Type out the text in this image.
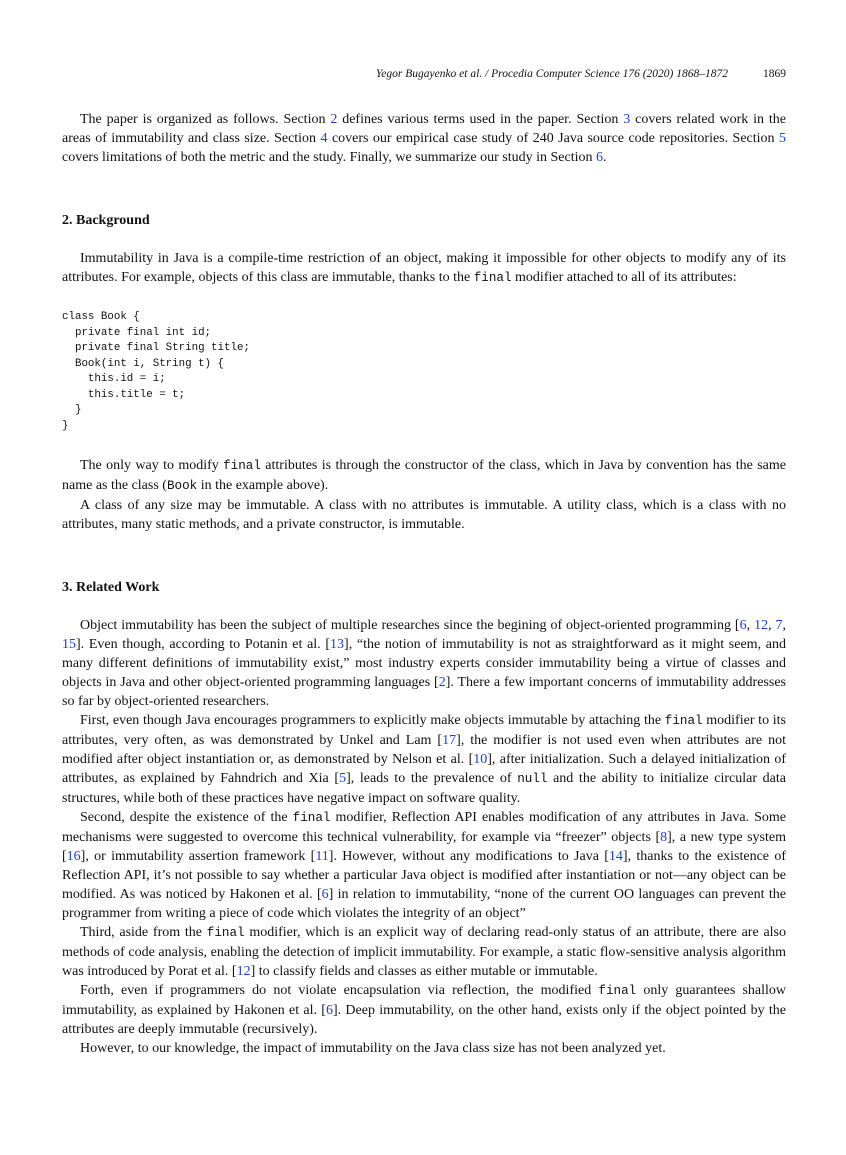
Yegor Bugayenko et al. / Procedia Computer Science 176 (2020) 1868–1872	1869

The paper is organized as follows. Section 2 defines various terms used in the paper. Section 3 covers related work in the areas of immutability and class size. Section 4 covers our empirical case study of 240 Java source code repositories. Section 5 covers limitations of both the metric and the study. Finally, we summarize our study in Section 6.

2. Background

Immutability in Java is a compile-time restriction of an object, making it impossible for other objects to modify any of its attributes. For example, objects of this class are immutable, thanks to the final modifier attached to all of its attributes:

class Book {
private final int id;
private final String title;
Book(int i, String t) {
this.id = i;
this.title = t;
}
}

The only way to modify final attributes is through the constructor of the class, which in Java by convention has the same name as the class (Book in the example above).

A class of any size may be immutable. A class with no attributes is immutable. A utility class, which is a class with no attributes, many static methods, and a private constructor, is immutable.

3. Related Work

Object immutability has been the subject of multiple researches since the begining of object-oriented programming [6, 12, 7, 15]. Even though, according to Potanin et al. [13], “the notion of immutability is not as straightforward as it might seem, and many different definitions of immutability exist,” most industry experts consider immutability being a virtue of classes and objects in Java and other object-oriented programming languages [2]. There a few important concerns of immutability addresses so far by object-oriented researchers.

First, even though Java encourages programmers to explicitly make objects immutable by attaching the final modifier to its attributes, very often, as was demonstrated by Unkel and Lam [17], the modifier is not used even when attributes are not modified after object instantiation or, as demonstrated by Nelson et al. [10], after initialization. Such a delayed initialization of attributes, as explained by Fahndrich and Xia [5], leads to the prevalence of null and the ability to initialize circular data structures, while both of these practices have negative impact on software quality.

Second, despite the existence of the final modifier, Reflection API enables modification of any attributes in Java. Some mechanisms were suggested to overcome this technical vulnerability, for example via “freezer” objects [8], a new type system [16], or immutability assertion framework [11]. However, without any modifications to Java [14], thanks to the existence of Reflection API, it’s not possible to say whether a particular Java object is modified after instantiation or not—any object can be modified. As was noticed by Hakonen et al. [6] in relation to immutability, “none of the current OO languages can prevent the programmer from writing a piece of code which violates the integrity of an object”

Third, aside from the final modifier, which is an explicit way of declaring read-only status of an attribute, there are also methods of code analysis, enabling the detection of implicit immutability. For example, a static flow-sensitive analysis algorithm was introduced by Porat et al. [12] to classify fields and classes as either mutable or immutable.

Forth, even if programmers do not violate encapsulation via reflection, the modified final only guarantees shallow immutability, as explained by Hakonen et al. [6]. Deep immutability, on the other hand, exists only if the object pointed by the attributes are deeply immutable (recursively).

However, to our knowledge, the impact of immutability on the Java class size has not been analyzed yet.
